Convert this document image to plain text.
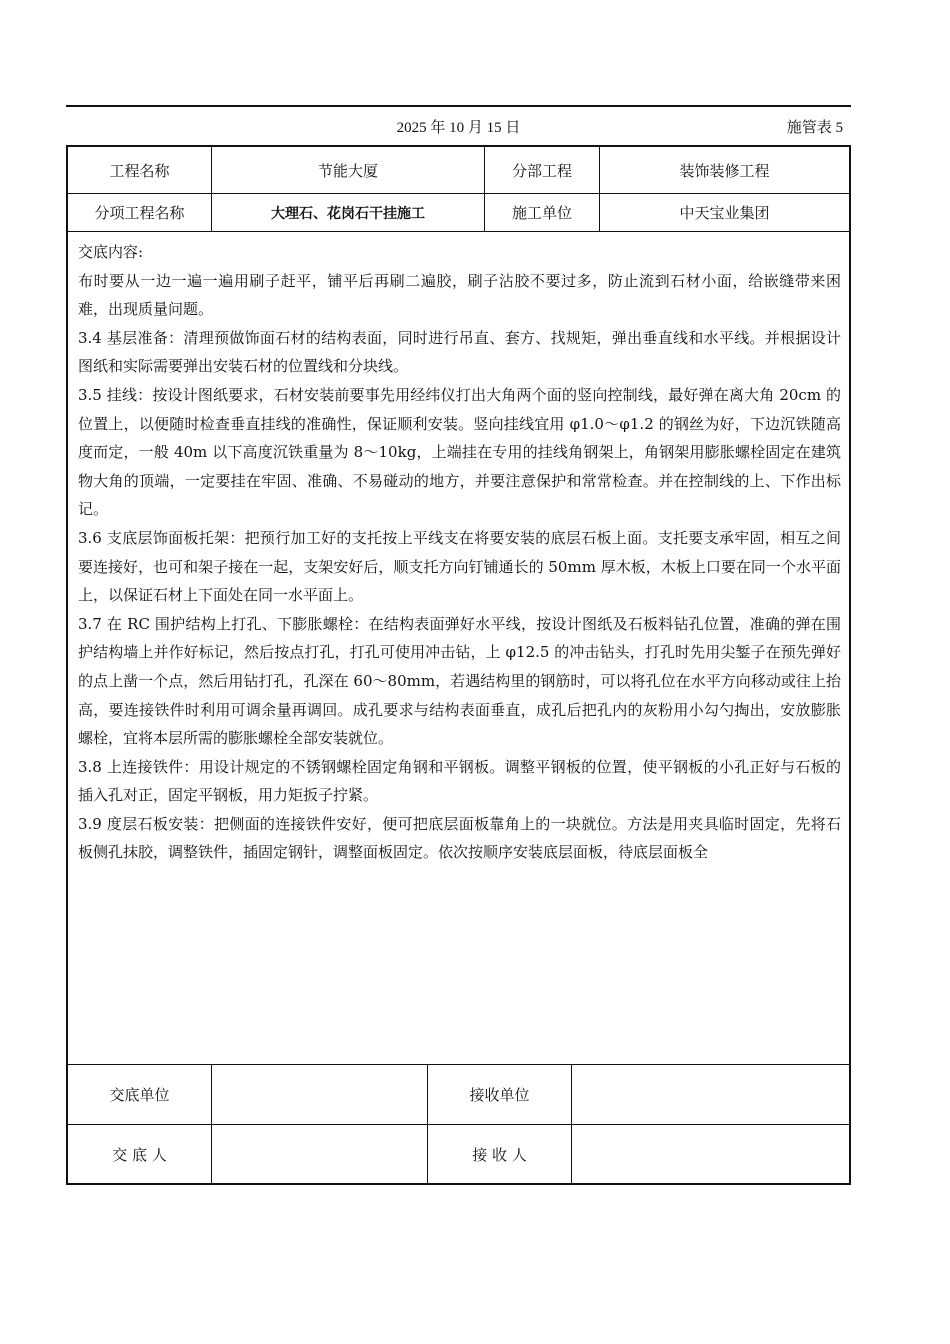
2025 年 10 月 15 日	施管表 5
工程名称	节能大厦	分部工程	装饰装修工程
分项工程名称	大理石、花岗石干挂施工	施工单位	中天宝业集团

交底内容:

布时要从一边一遍一遍用刷子赶平，铺平后再刷二遍胶，刷子沾胶不要过多，防止流到石材小面，给嵌缝带来困难，出现质量问题。

3.4 基层准备：清理预做饰面石材的结构表面，同时进行吊直、套方、找规矩，弹出垂直线和水平线。并根据设计图纸和实际需要弹出安装石材的位置线和分块线。

3.5 挂线：按设计图纸要求，石材安装前要事先用经纬仪打出大角两个面的竖向控制线，最好弹在离大角 20cm 的位置上，以便随时检查垂直挂线的准确性，保证顺利安装。竖向挂线宜用 φ1.0～φ1.2 的钢丝为好，下边沉铁随高度而定，一般 40m 以下高度沉铁重量为 8～10kg，上端挂在专用的挂线角钢架上，角钢架用膨胀螺栓固定在建筑物大角的顶端，一定要挂在牢固、准确、不易碰动的地方，并要注意保护和常常检查。并在控制线的上、下作出标记。

3.6 支底层饰面板托架：把预行加工好的支托按上平线支在将要安装的底层石板上面。支托要支承牢固，相互之间要连接好，也可和架子接在一起，支架安好后，顺支托方向钉铺通长的 50mm 厚木板，木板上口要在同一个水平面上，以保证石材上下面处在同一水平面上。

3.7 在 RC 围护结构上打孔、下膨胀螺栓：在结构表面弹好水平线，按设计图纸及石板料钻孔位置，准确的弹在围护结构墙上并作好标记，然后按点打孔，打孔可使用冲击钻，上 φ12.5 的冲击钻头，打孔时先用尖錾子在预先弹好的点上凿一个点，然后用钻打孔，孔深在 60～80mm，若遇结构里的钢筋时，可以将孔位在水平方向移动或往上抬高，要连接铁件时利用可调余量再调回。成孔要求与结构表面垂直，成孔后把孔内的灰粉用小勾勺掏出，安放膨胀螺栓，宜将本层所需的膨胀螺栓全部安装就位。

3.8 上连接铁件：用设计规定的不锈钢螺栓固定角钢和平钢板。调整平钢板的位置，使平钢板的小孔正好与石板的插入孔对正，固定平钢板，用力矩扳子拧紧。

3.9 度层石板安装：把侧面的连接铁件安好，便可把底层面板靠角上的一块就位。方法是用夹具临时固定，先将石板侧孔抹胶，调整铁件，插固定钢针，调整面板固定。依次按顺序安装底层面板，待底层面板全

交底单位	接收单位
交 底 人	接 收 人
